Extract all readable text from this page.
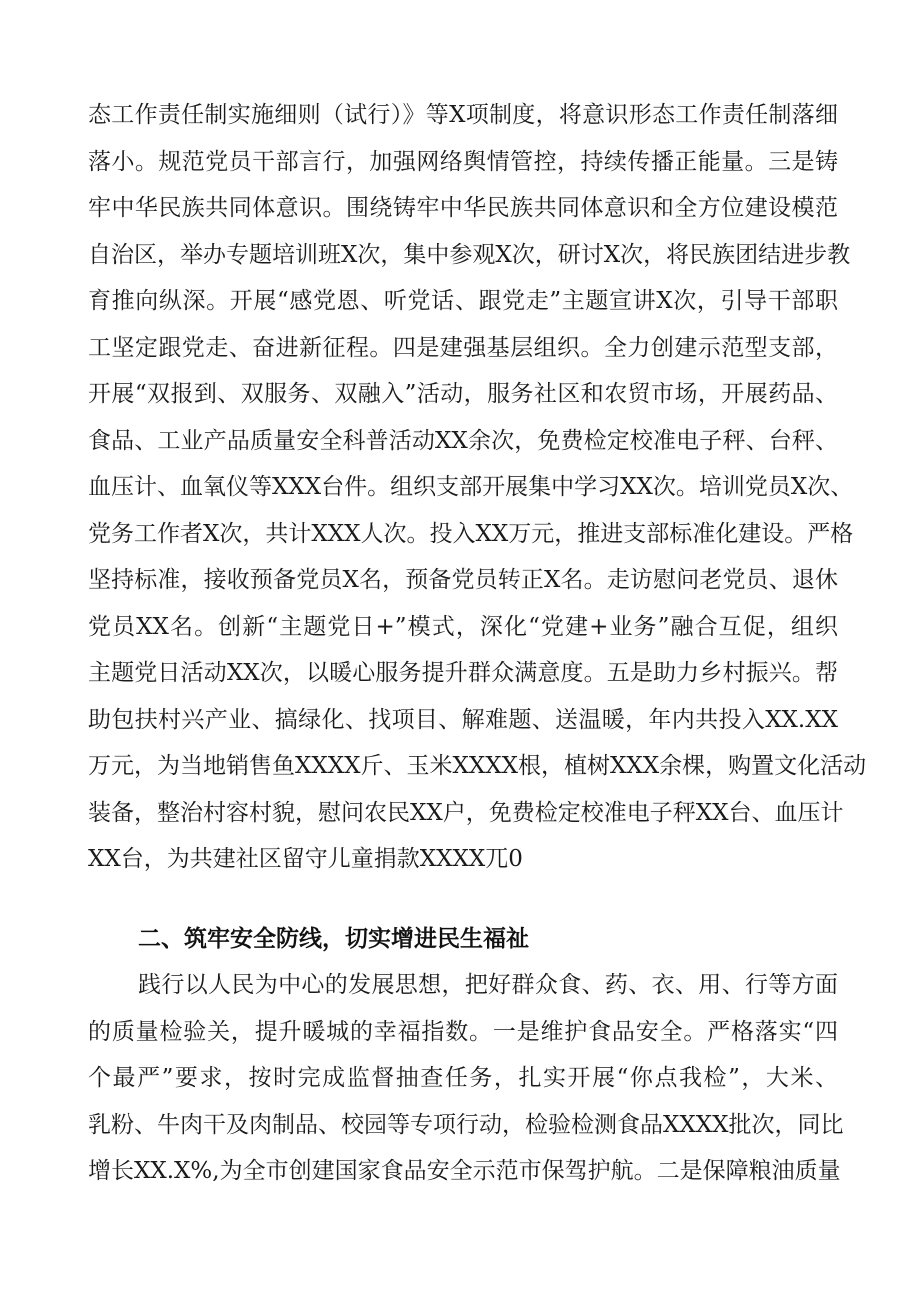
态工作责任制实施细则（试行）》等X项制度，将意识形态工作责任制落细
落小。规范党员干部言行，加强网络舆情管控，持续传播正能量。三是铸
牢中华民族共同体意识。围绕铸牢中华民族共同体意识和全方位建设模范
自治区，举办专题培训班X次，集中参观X次，研讨X次，将民族团结进步教
育推向纵深。开展“感党恩、听党话、跟党走”主题宣讲X次，引导干部职
工坚定跟党走、奋进新征程。四是建强基层组织。全力创建示范型支部，
开展“双报到、双服务、双融入”活动，服务社区和农贸市场，开展药品、
食品、工业产品质量安全科普活动XX余次，免费检定校准电子秤、台秤、
血压计、血氧仪等XXX台件。组织支部开展集中学习XX次。培训党员X次、
党务工作者X次，共计XXX人次。投入XX万元，推进支部标准化建设。严格
坚持标准，接收预备党员X名，预备党员转正X名。走访慰问老党员、退休
党员XX名。创新“主题党日+”模式，深化“党建+业务”融合互促，组织
主题党日活动XX次，以暖心服务提升群众满意度。五是助力乡村振兴。帮
助包扶村兴产业、搞绿化、找项目、解难题、送温暖，年内共投入XX.XX
万元，为当地销售鱼XXXX斤、玉米XXXX根，植树XXX余棵，购置文化活动
装备，整治村容村貌，慰问农民XX户，免费检定校准电子秤XX台、血压计
XX台，为共建社区留守儿童捐款XXXX兀0
二、筑牢安全防线，切实增进民生福祉
践行以人民为中心的发展思想，把好群众食、药、衣、用、行等方面
的质量检验关，提升暖城的幸福指数。一是维护食品安全。严格落实“四
个最严”要求，按时完成监督抽查任务，扎实开展“你点我检”，大米、
乳粉、牛肉干及肉制品、校园等专项行动，检验检测食品XXXX批次，同比
增长XX.X%,为全市创建国家食品安全示范市保驾护航。二是保障粮油质量
